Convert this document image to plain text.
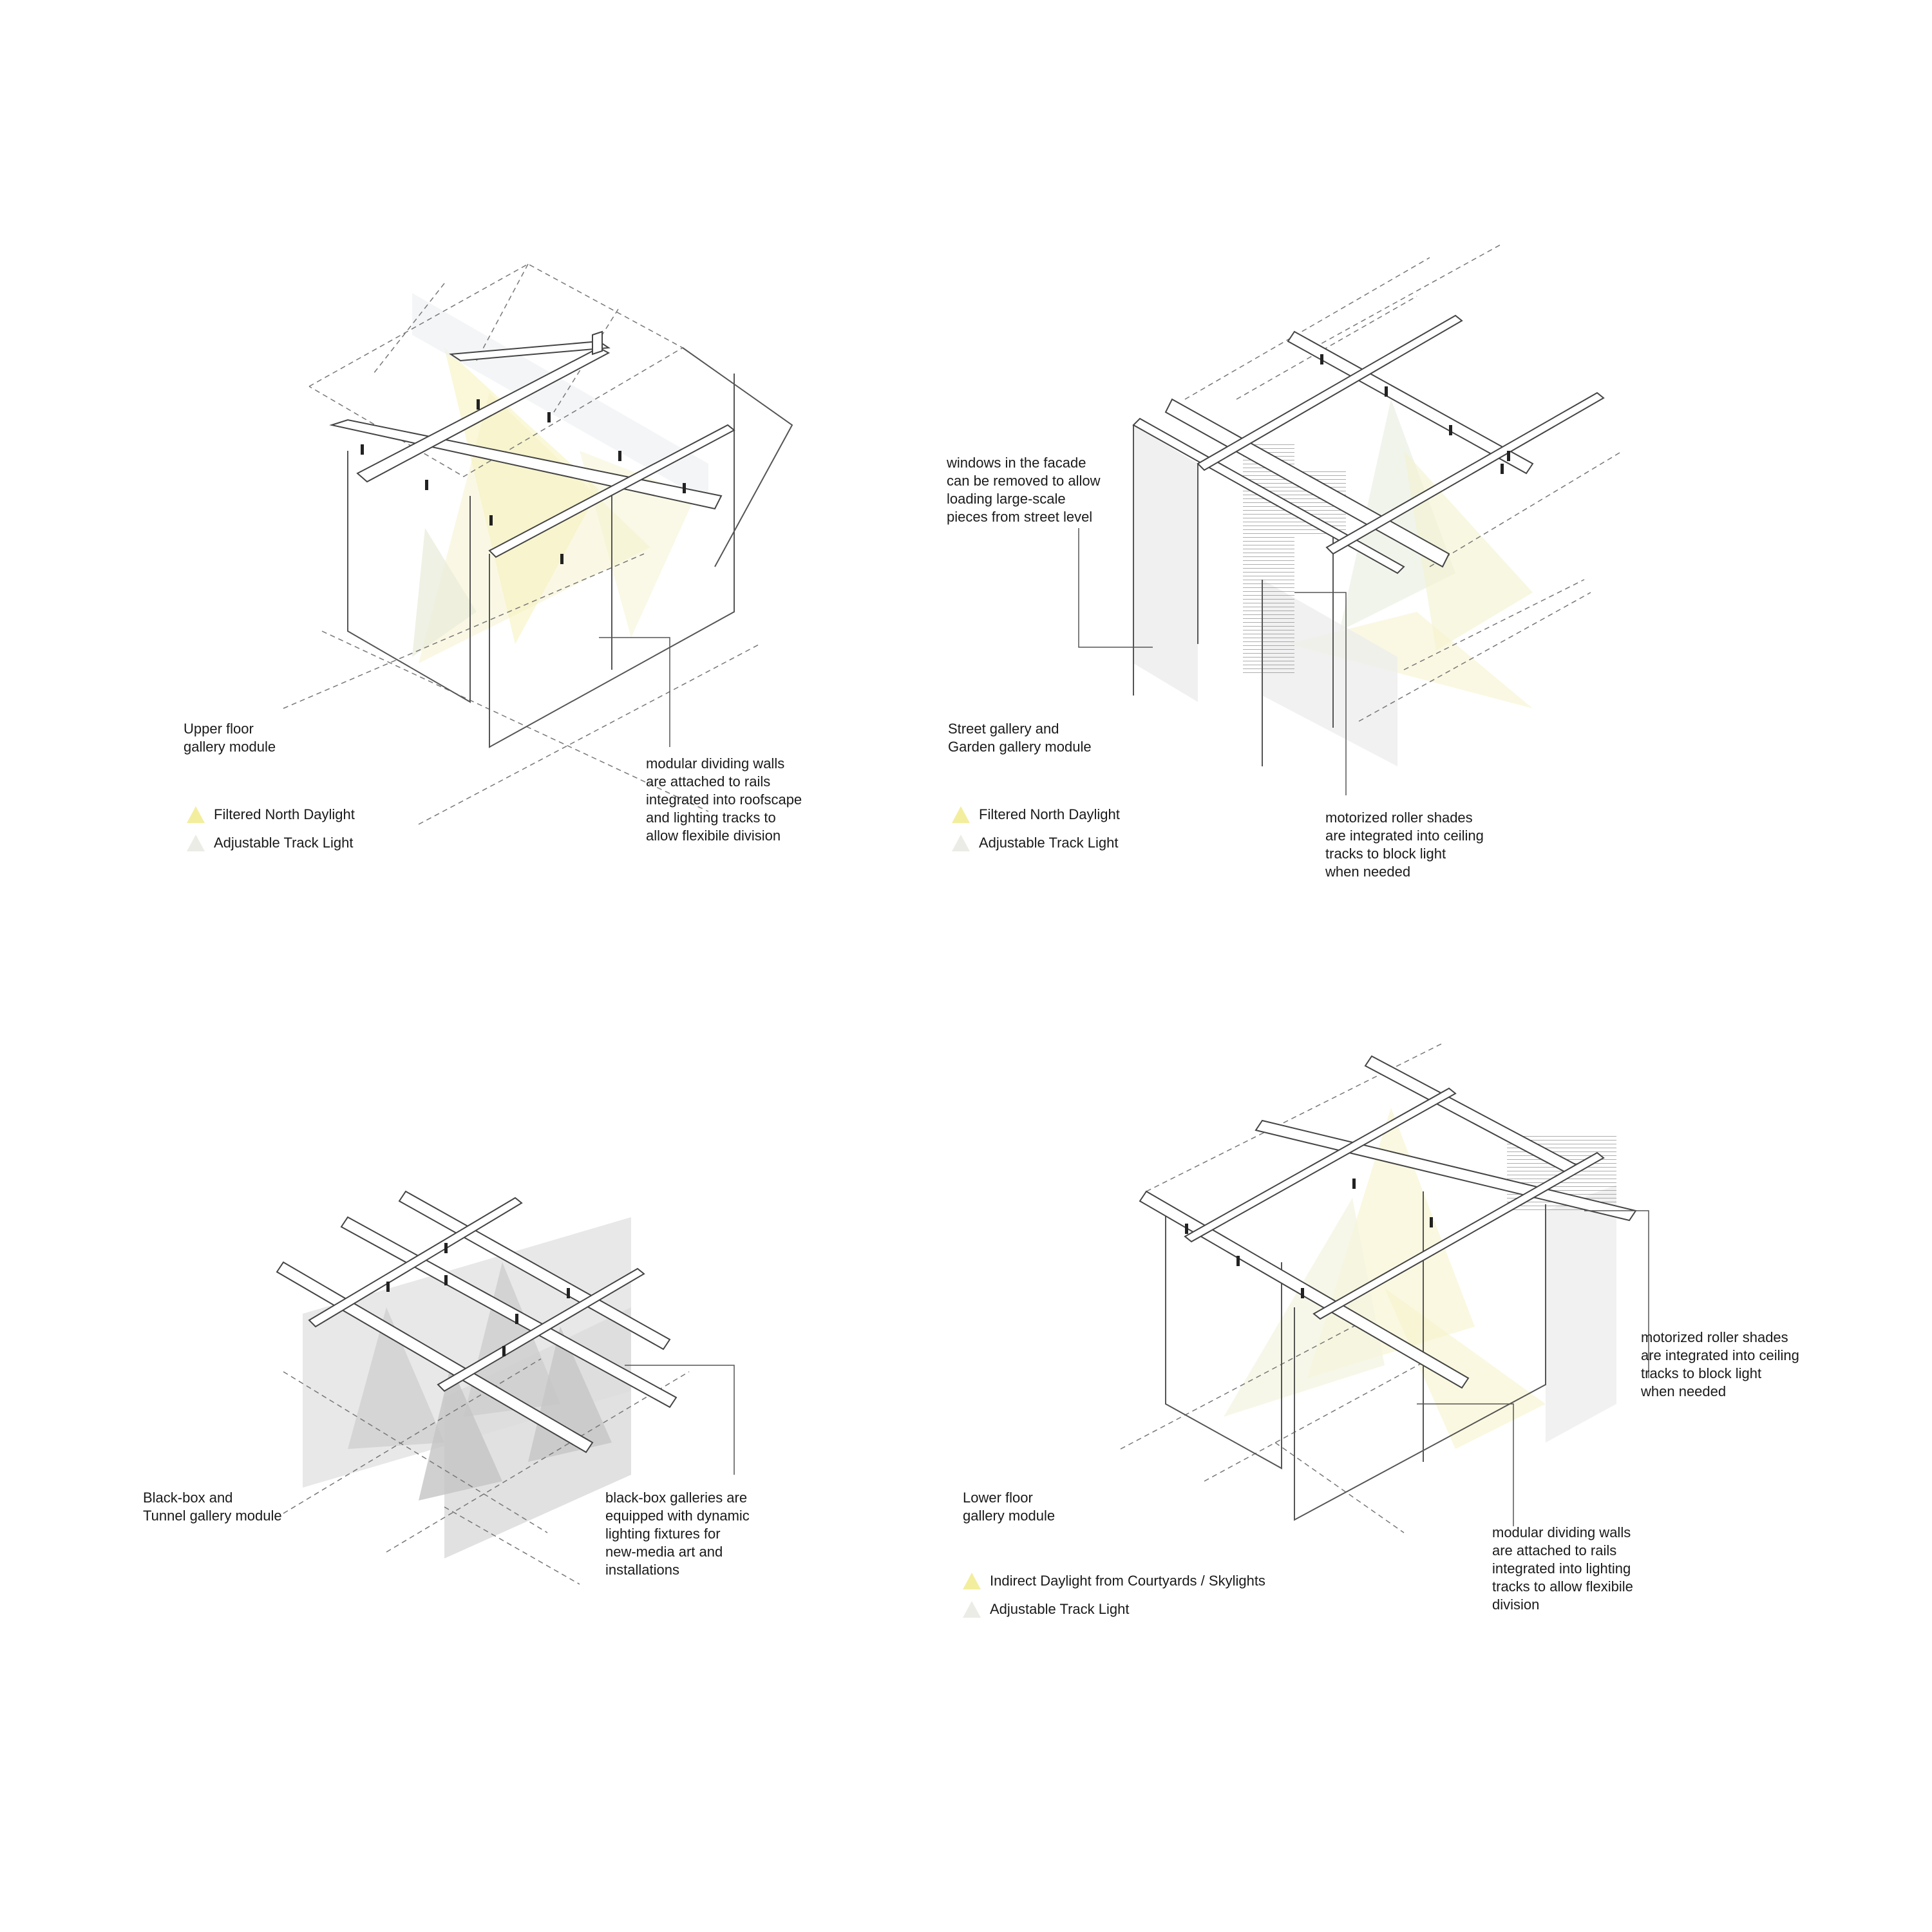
Upper floor
gallery module
modular dividing walls
are attached to rails
integrated into roofscape
and lighting tracks to
allow flexibile division
Filtered North Daylight
Adjustable Track Light
windows in the facade
can be removed to allow
loading large-scale
pieces from street level
Street gallery and
Garden gallery module
motorized roller shades
are integrated into ceiling
tracks to block light
when needed
Filtered North Daylight
Adjustable Track Light
Black-box and
Tunnel gallery module
black-box galleries are
equipped with dynamic
lighting fixtures for
new-media art and
installations
motorized roller shades
are integrated into ceiling
tracks to block light
when needed
Lower floor
gallery module
modular dividing walls
are attached to rails
integrated into lighting
tracks to allow flexibile
division
Indirect Daylight from Courtyards / Skylights
Adjustable Track Light
